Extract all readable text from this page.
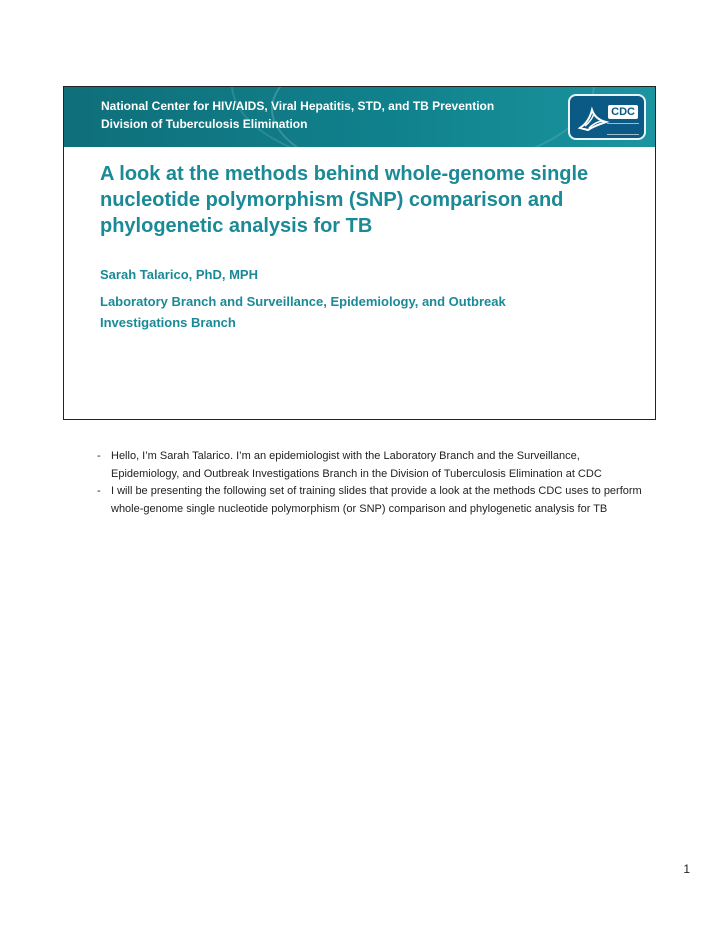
National Center for HIV/AIDS, Viral Hepatitis, STD, and TB Prevention
Division of Tuberculosis Elimination
CDC
A look at the methods behind whole-genome single nucleotide polymorphism (SNP) comparison and phylogenetic analysis for TB

Sarah Talarico, PhD, MPH

Laboratory Branch and Surveillance, Epidemiology, and Outbreak Investigations Branch

- Hello, I’m Sarah Talarico. I’m an epidemiologist with the Laboratory Branch and the Surveillance, Epidemiology, and Outbreak Investigations Branch in the Division of Tuberculosis Elimination at CDC
- I will be presenting the following set of training slides that provide a look at the methods CDC uses to perform whole-genome single nucleotide polymorphism (or SNP) comparison and phylogenetic analysis for TB
1
